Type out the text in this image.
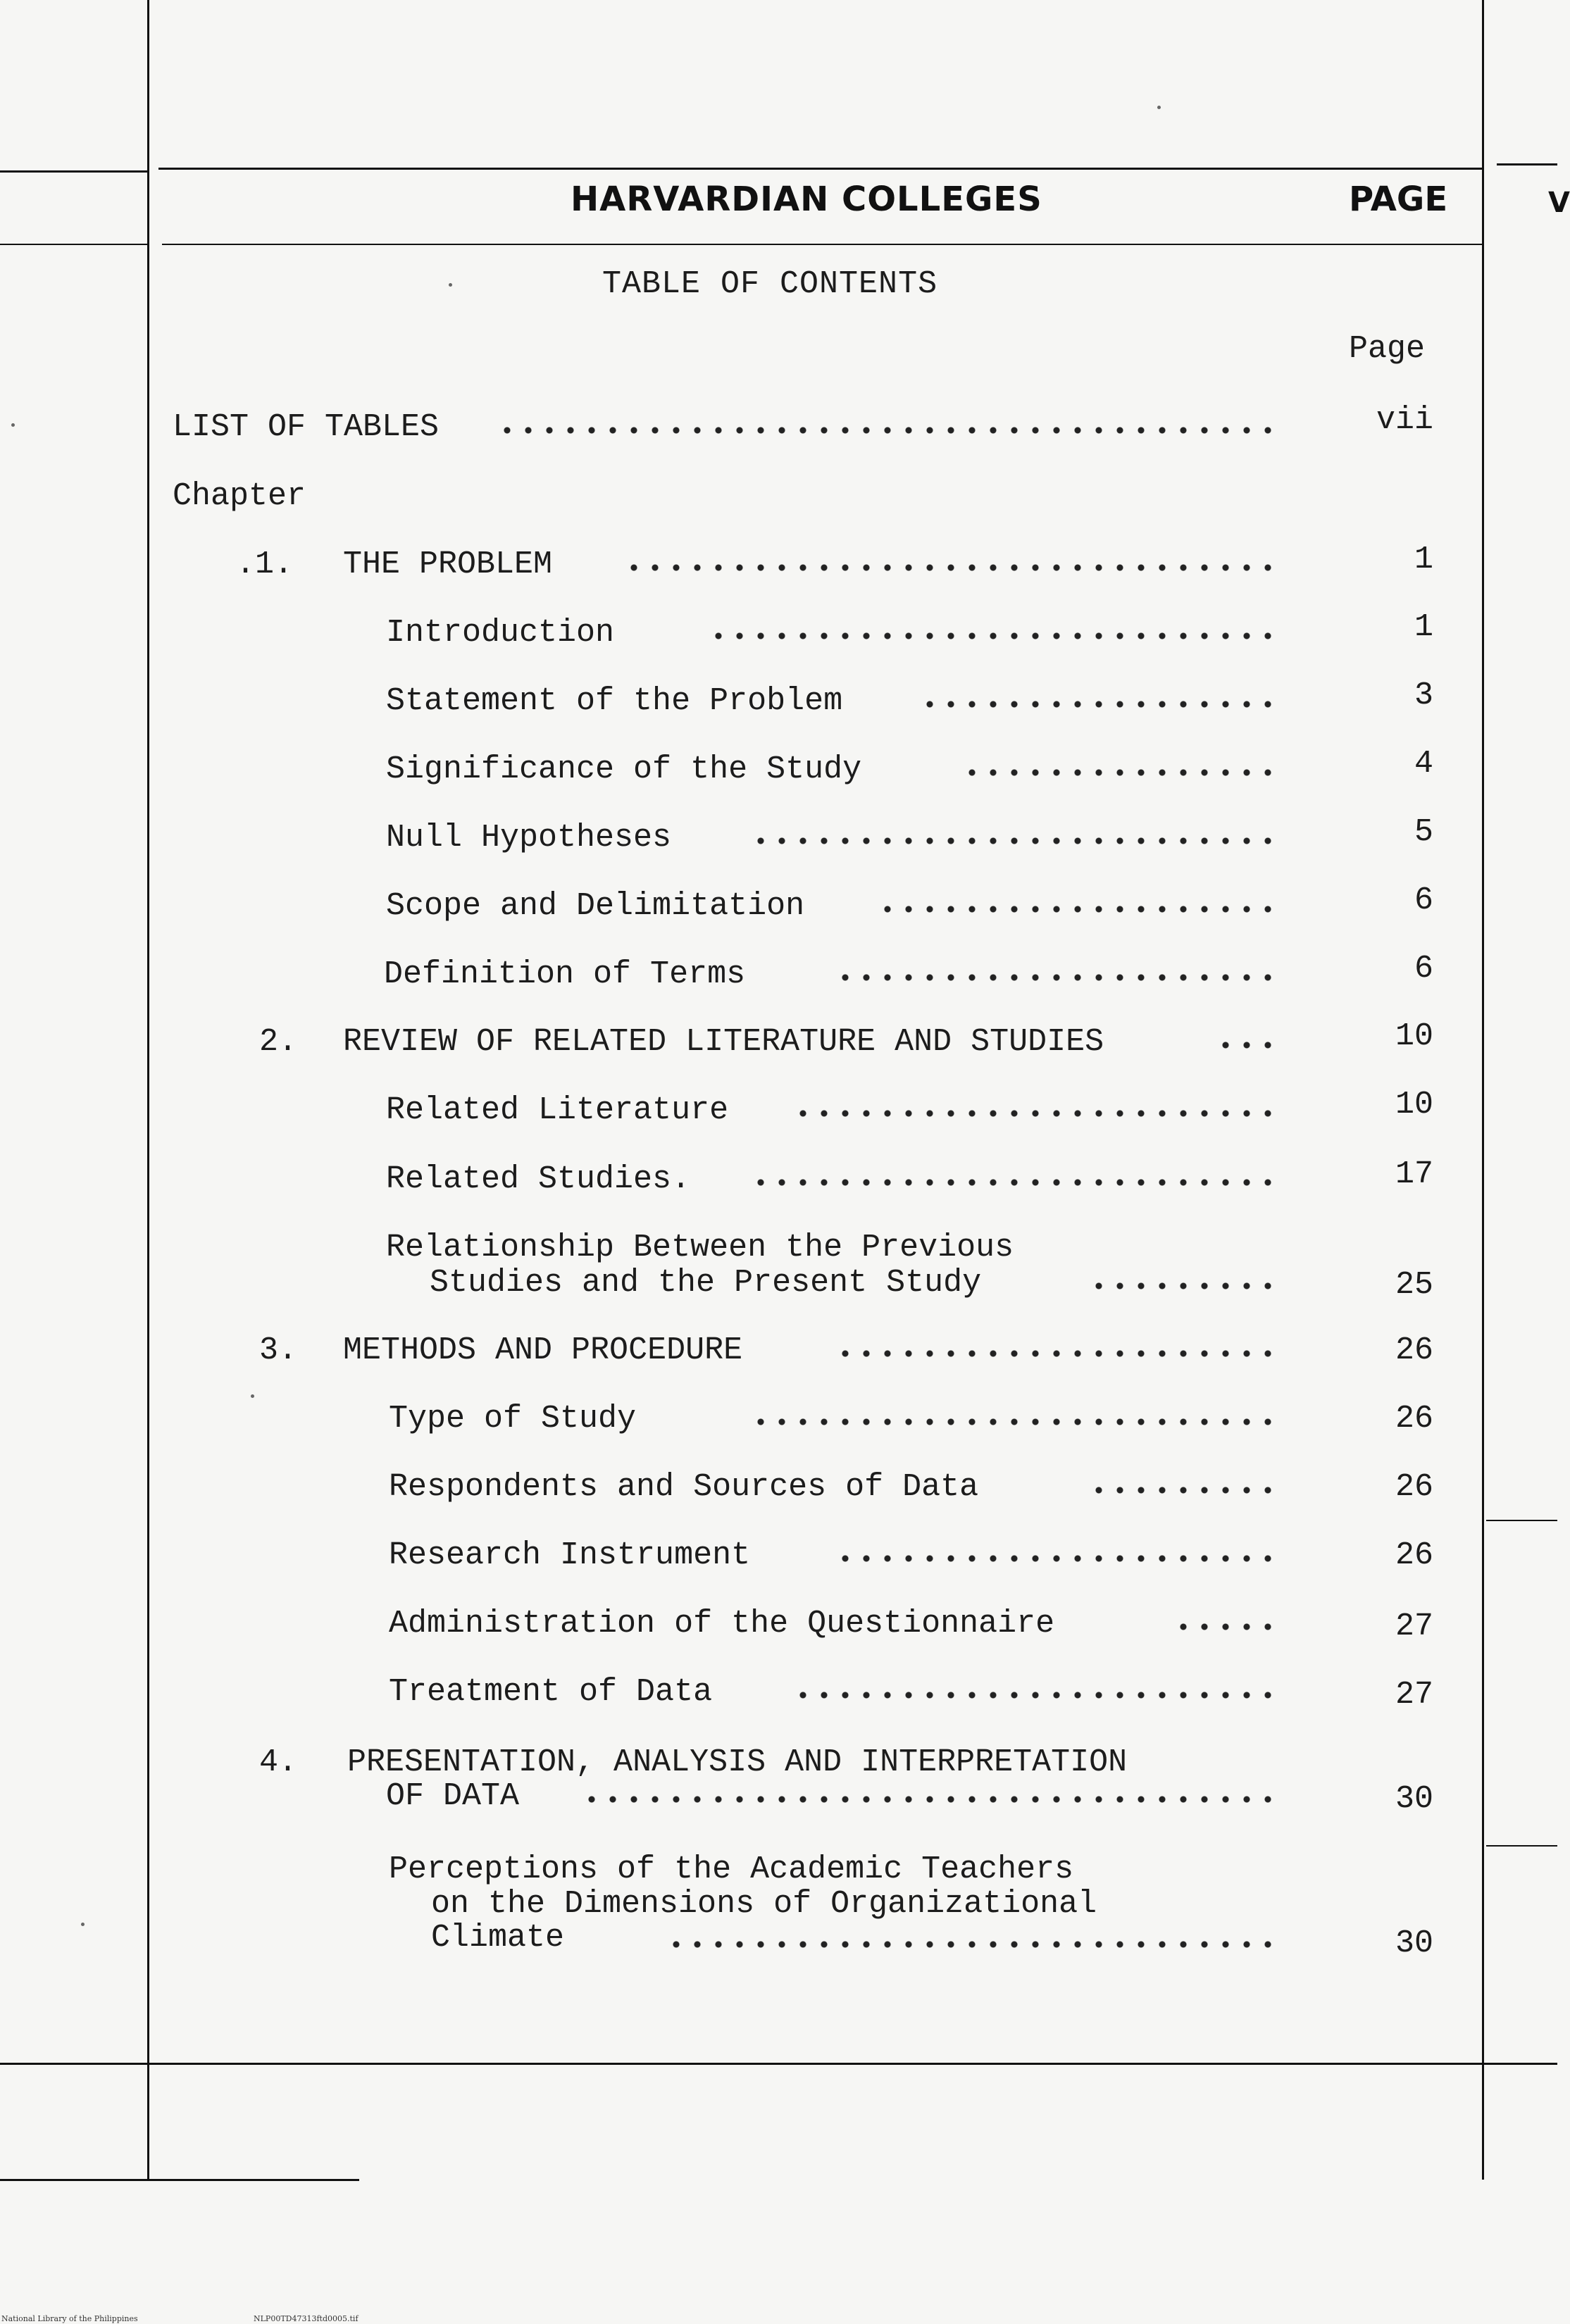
HARVARDIAN COLLEGES	PAGE	V
TABLE OF CONTENTS
Page
LIST OF TABLES	vii
Chapter
.1. THE PROBLEM	1
Introduction	1
Statement of the Problem	3
Significance of the Study	4
Null Hypotheses	5
Scope and Delimitation	6
Definition of Terms	6
2. REVIEW OF RELATED LITERATURE AND STUDIES	10
Related Literature	10
Related Studies.	17
Relationship Between the Previous
Studies and the Present Study	25
3. METHODS AND PROCEDURE	26
Type of Study	26
Respondents and Sources of Data	26
Research Instrument	26
Administration of the Questionnaire	27
Treatment of Data	27
4. PRESENTATION, ANALYSIS AND INTERPRETATION
OF DATA	30
Perceptions of the Academic Teachers
on the Dimensions of Organizational
Climate	30
National Library of the Philippines	NLP00TD47313ftd0005.tif
